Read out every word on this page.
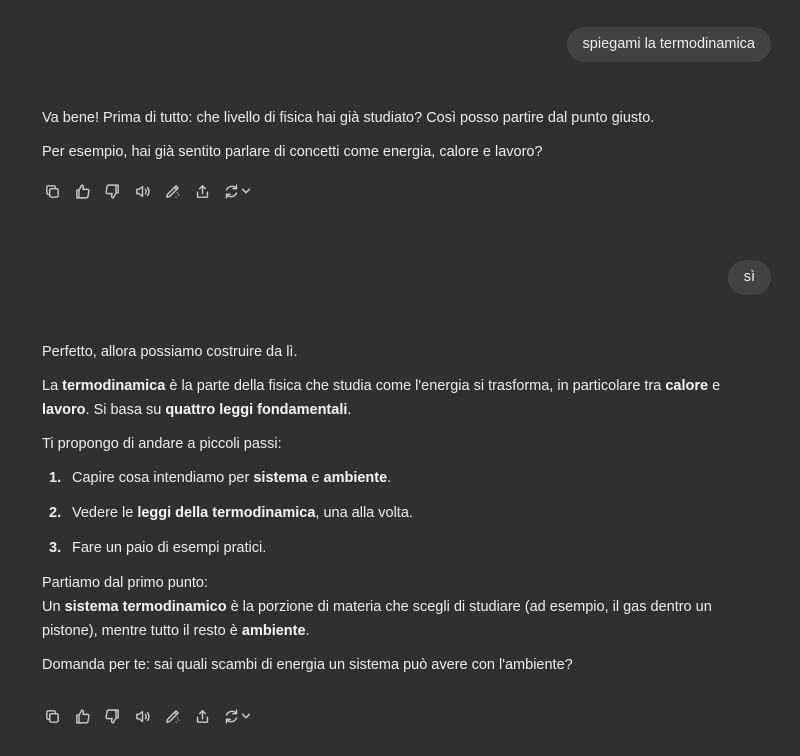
spiegami la termodinamica

Va bene! Prima di tutto: che livello di fisica hai già studiato? Così posso partire dal punto giusto.

Per esempio, hai già sentito parlare di concetti come energia, calore e lavoro?

sì

Perfetto, allora possiamo costruire da lì.

La termodinamica è la parte della fisica che studia come l'energia si trasforma, in particolare tra calore e lavoro. Si basa su quattro leggi fondamentali.

Ti propongo di andare a piccoli passi:

1. Capire cosa intendiamo per sistema e ambiente.
2. Vedere le leggi della termodinamica, una alla volta.
3. Fare un paio di esempi pratici.

Partiamo dal primo punto:
Un sistema termodinamico è la porzione di materia che scegli di studiare (ad esempio, il gas dentro un pistone), mentre tutto il resto è ambiente.

Domanda per te: sai quali scambi di energia un sistema può avere con l'ambiente?
